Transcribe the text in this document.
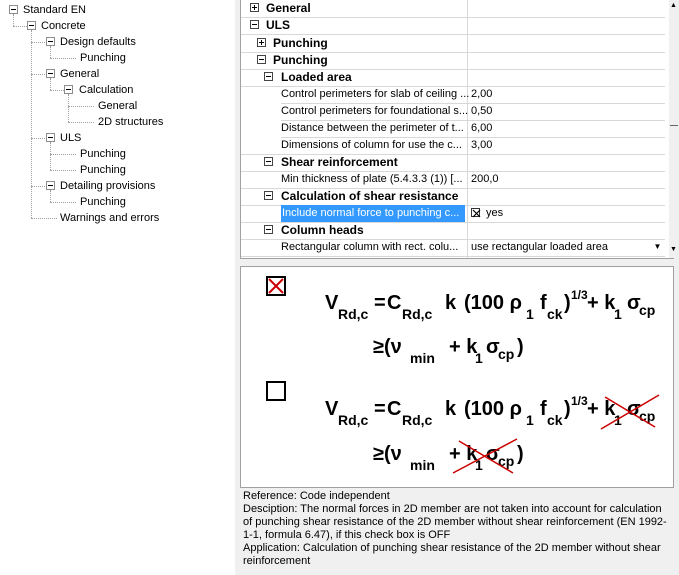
Standard EN
Concrete
Design defaults
Punching
General
Calculation
General
2D structures
ULS
Punching
Punching
Detailing provisions
Punching
Warnings and errors
General
ULS
Punching
Punching
Loaded area
Control perimeters for slab of ceiling ... 2,00
Control perimeters for foundational s... 0,50
Distance between the perimeter of t... 6,00
Dimensions of column for use the c... 3,00
Shear reinforcement
Min thickness of plate (5.4.3.3 (1)) [... 200,0
Calculation of shear resistance
Include normal force to punching c...	yes
Column heads
Rectangular column with rect. colu...	use rectangular loaded area	▼
▲
▼
V Rd,c = C Rd,c k (100 ρ 1 f ck ) 1/3 + k
1 σ
cp
≥(ν min + k
1 σ
cp )
V Rd,c = C Rd,c k (100 ρ 1 f ck ) 1/3 + k
1 σ
cp
≥(ν min + k
1 σ
cp )

Reference: Code independent

Desciption: The normal forces in 2D member are not taken into account for calculation of punching shear resistance of the 2D member without shear reinforcement (EN 1992-1-1, formula 6.47), if this check box is OFF

Application: Calculation of punching shear resistance of the 2D member without shear reinforcement
